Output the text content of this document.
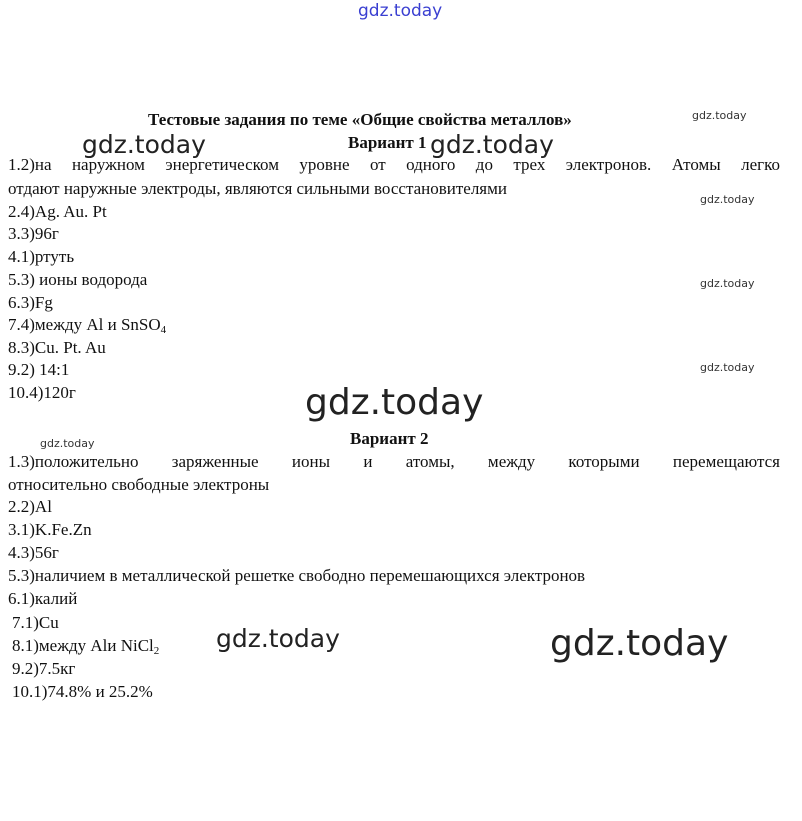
gdz.today
gdz.today
gdz.today	gdz.today
gdz.today
gdz.today
gdz.today
gdz.today
gdz.today
gdz.today	gdz.today
Тестовые задания по теме «Общие свойства металлов»
Вариант 1
1.2)на наружном энергетическом уровне от одного до трех электронов. Атомы легко
отдают наружные электроды, являются сильными восстановителями
2.4)Ag. Au. Pt
3.3)96г
4.1)ртуть
5.3) ионы водорода
6.3)Fg
7.4)между Al и SnSO$_4$
8.3)Cu. Pt. Au
9.2) 14:1
10.4)120г
Вариант 2
1.3)положительно заряженные ионы и атомы, между которыми перемещаются
относительно свободные электроны
2.2)Al
3.1)K.Fe.Zn
4.3)56г
5.3)наличием в металлической решетке свободно перемешающихся электронов
6.1)калий
7.1)Cu
8.1)между Alи NiCl$_2$
9.2)7.5кг
10.1)74.8% и 25.2%
